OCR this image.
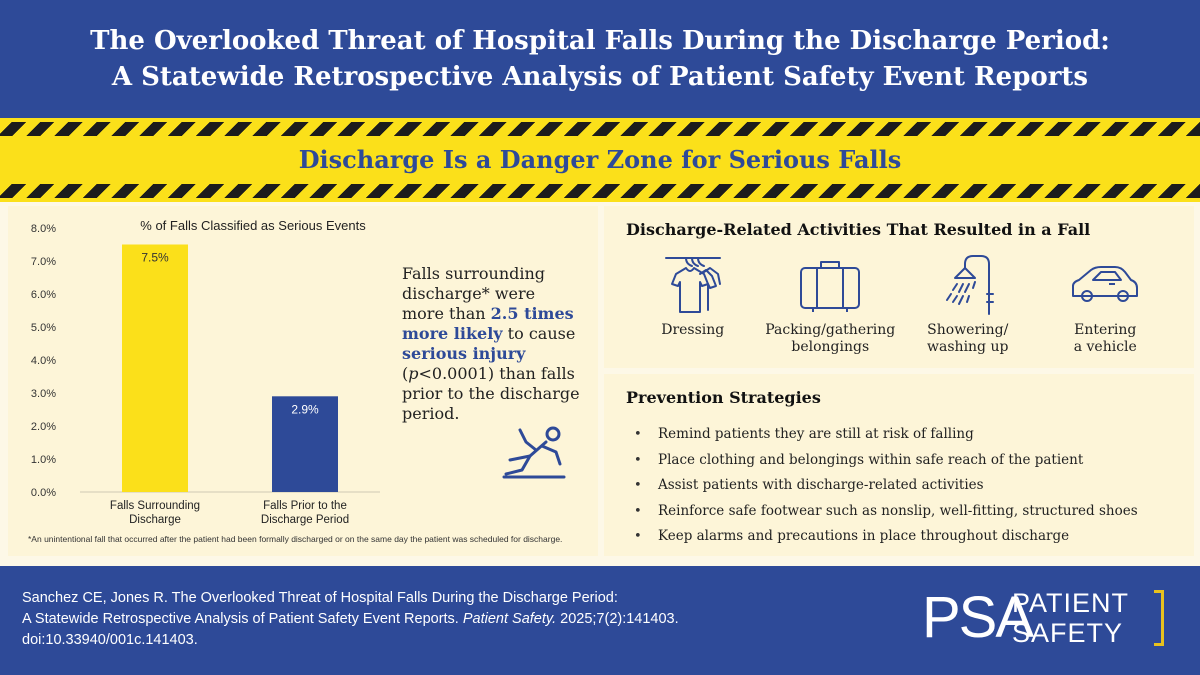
The Overlooked Threat of Hospital Falls During the Discharge Period:
A Statewide Retrospective Analysis of Patient Safety Event Reports
Discharge Is a Danger Zone for Serious Falls
% of Falls Classified as Serious Events
0.0%
1.0%
2.0%
3.0%
4.0%
5.0%
6.0%
7.0%
8.0%
7.5%
Falls Surrounding
Discharge
2.9%
Falls Prior to the
Discharge Period
Falls surrounding discharge* were more than 2.5 times more likely to cause serious injury (p<0.0001) than falls prior to the discharge period.
*An unintentional fall that occurred after the patient had been formally discharged or on the same day the patient was scheduled for discharge.
Discharge-Related Activities That Resulted in a Fall
Dressing	Packing/gathering
belongings
Showering/
washing up
Entering
a vehicle
Prevention Strategies
•	Remind patients they are still at risk of falling
•	Place clothing and belongings within safe reach of the patient
•	Assist patients with discharge-related activities
•	Reinforce safe footwear such as nonslip, well-fitting, structured shoes
•	Keep alarms and precautions in place throughout discharge
Sanchez CE, Jones R. The Overlooked Threat of Hospital Falls During the Discharge Period:
A Statewide Retrospective Analysis of Patient Safety Event Reports. Patient Safety. 2025;7(2):141403.
doi:10.33940/001c.141403.	PSA
PATIENT
SAFETY
